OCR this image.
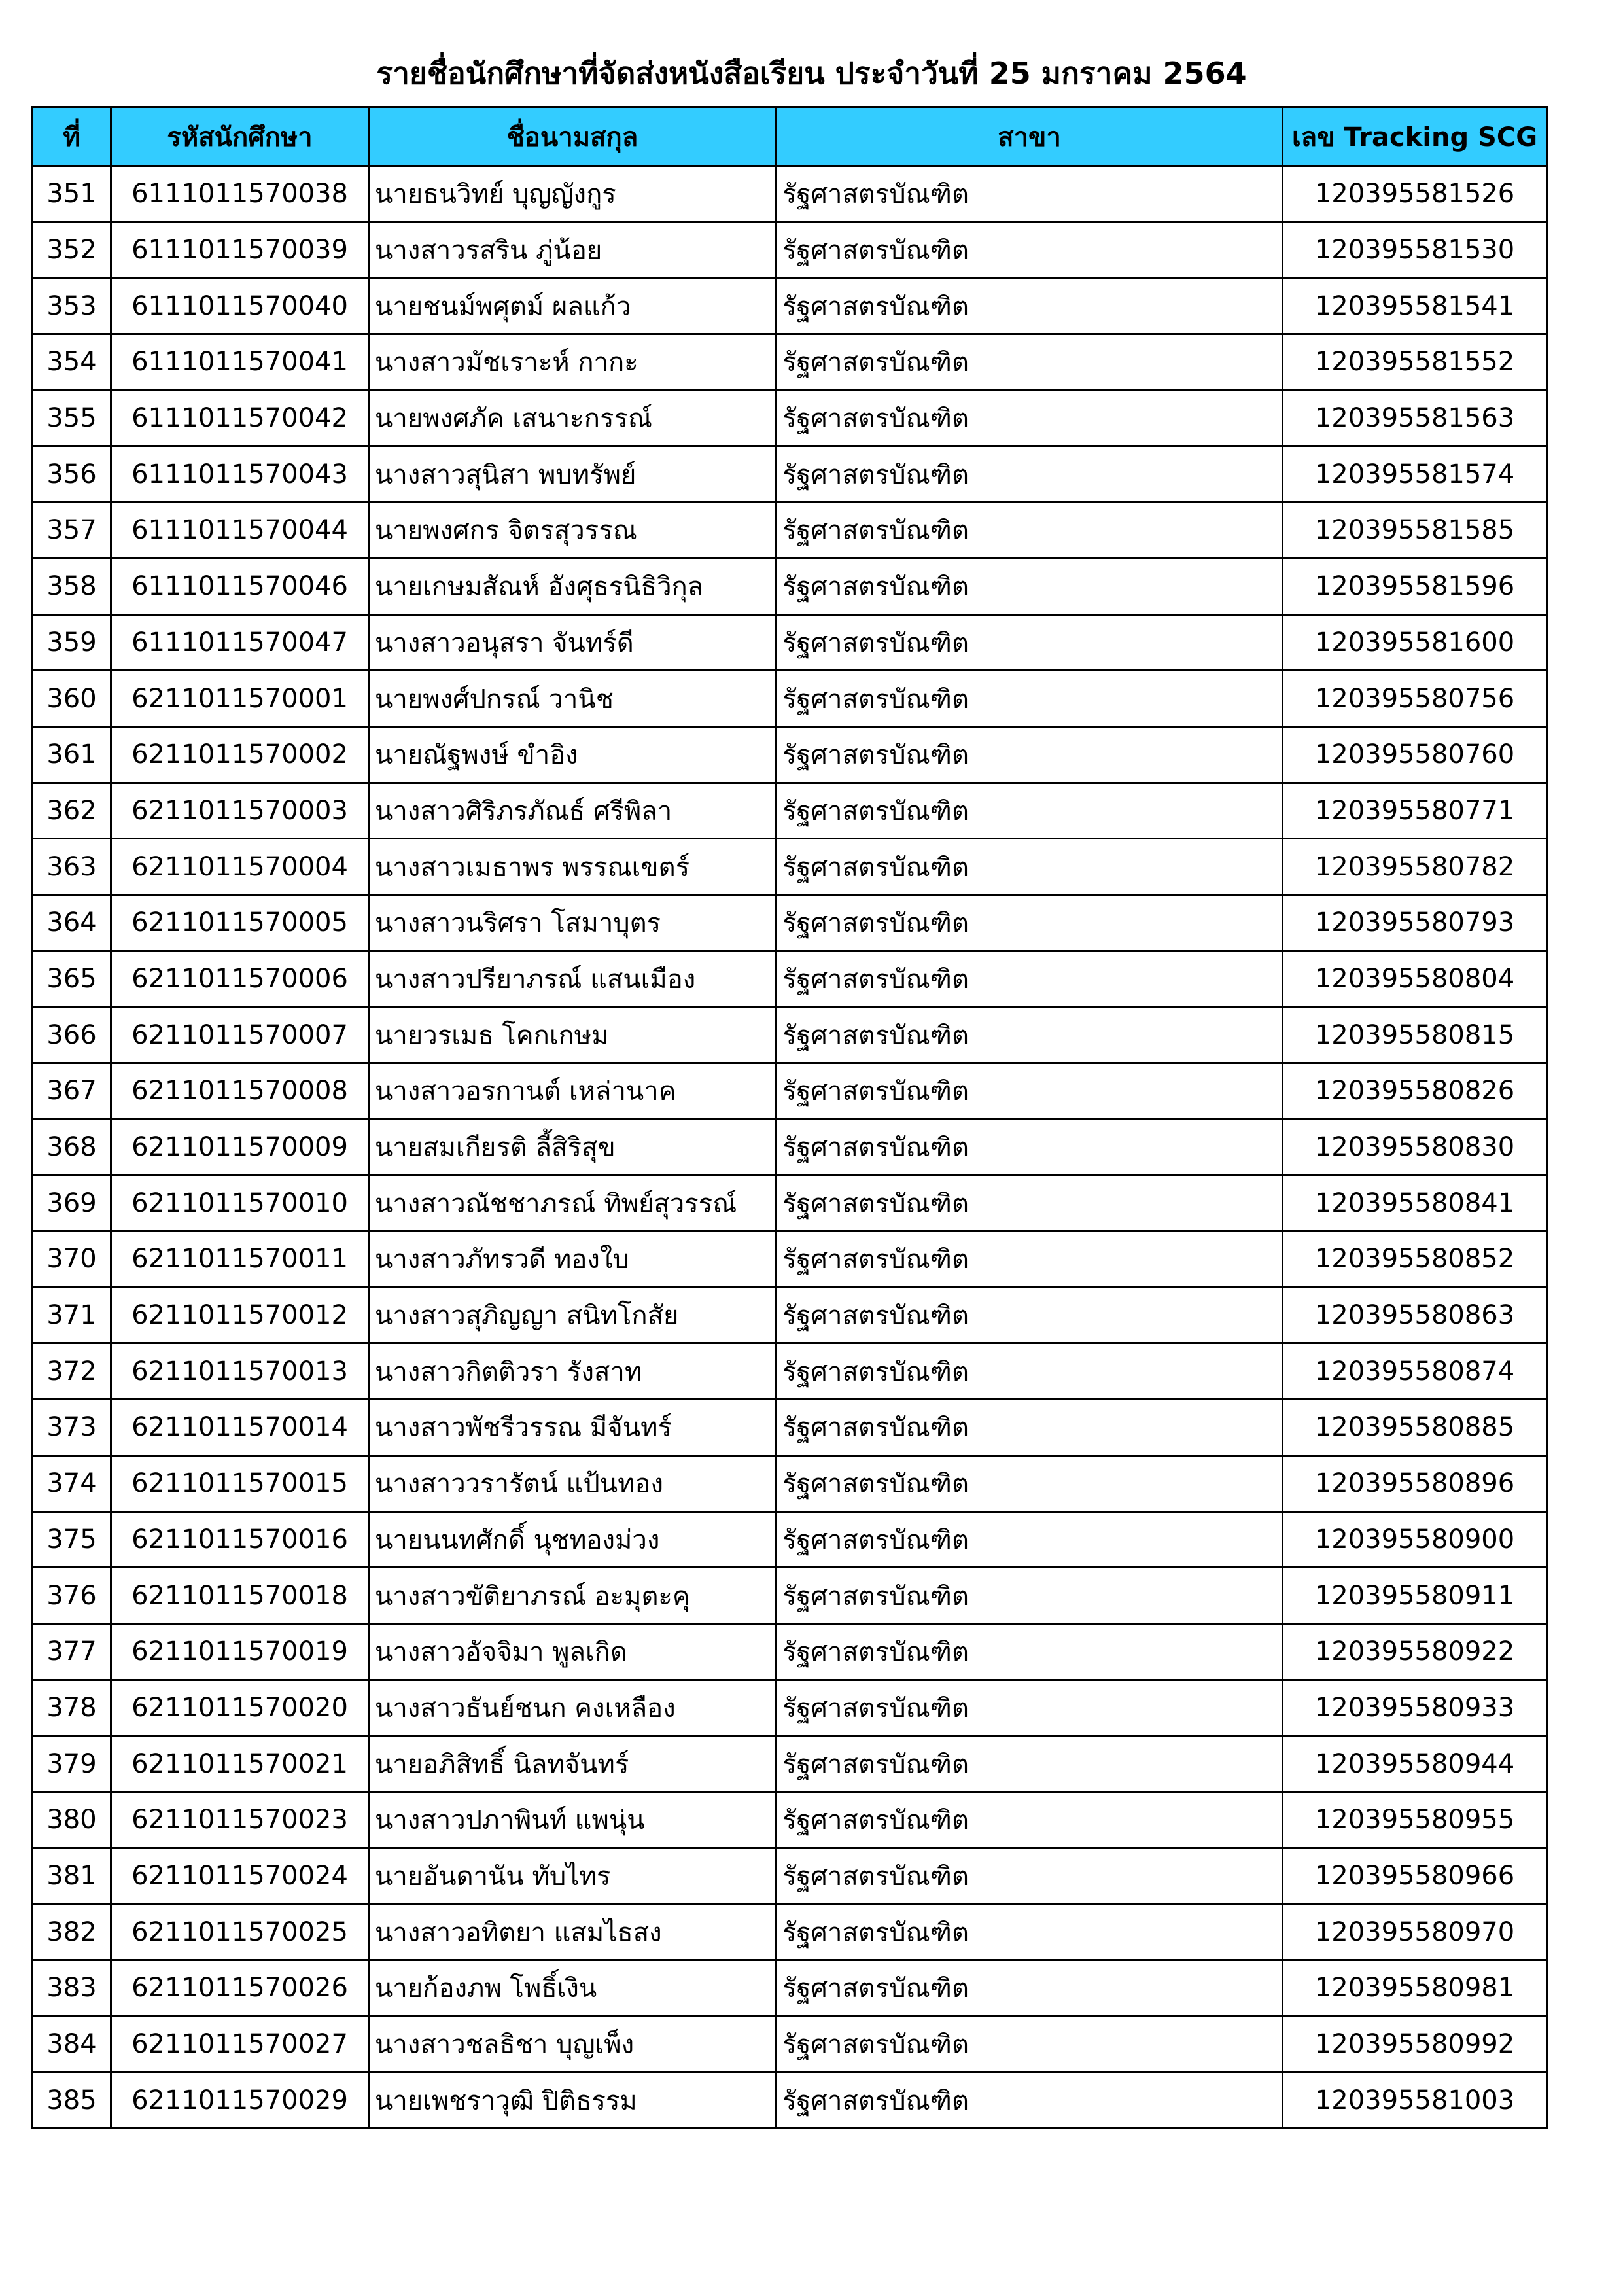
รายชื่อนักศึกษาที่จัดส่งหนังสือเรียน ประจำวันที่ 25 มกราคม 2564
ที่	รหัสนักศึกษา	ชื่อนามสกุล	สาขา	เลข Tracking SCG
351	6111011570038	นายธนวิทย์ บุญญังกูร	รัฐศาสตรบัณฑิต	120395581526
352	6111011570039	นางสาวรสริน ภู่น้อย	รัฐศาสตรบัณฑิต	120395581530
353	6111011570040	นายชนม์พศุตม์ ผลแก้ว	รัฐศาสตรบัณฑิต	120395581541
354	6111011570041	นางสาวมัชเราะห์ กากะ	รัฐศาสตรบัณฑิต	120395581552
355	6111011570042	นายพงศภัค เสนาะกรรณ์	รัฐศาสตรบัณฑิต	120395581563
356	6111011570043	นางสาวสุนิสา พบทรัพย์	รัฐศาสตรบัณฑิต	120395581574
357	6111011570044	นายพงศกร จิตรสุวรรณ	รัฐศาสตรบัณฑิต	120395581585
358	6111011570046	นายเกษมสัณห์ อังศุธรนิธิวิกุล	รัฐศาสตรบัณฑิต	120395581596
359	6111011570047	นางสาวอนุสรา จันทร์ดี	รัฐศาสตรบัณฑิต	120395581600
360	6211011570001	นายพงศ์ปกรณ์ วานิช	รัฐศาสตรบัณฑิต	120395580756
361	6211011570002	นายณัฐพงษ์ ขำอิง	รัฐศาสตรบัณฑิต	120395580760
362	6211011570003	นางสาวศิริภรภัณธ์ ศรีพิลา	รัฐศาสตรบัณฑิต	120395580771
363	6211011570004	นางสาวเมธาพร พรรณเขตร์	รัฐศาสตรบัณฑิต	120395580782
364	6211011570005	นางสาวนริศรา โสมาบุตร	รัฐศาสตรบัณฑิต	120395580793
365	6211011570006	นางสาวปรียาภรณ์ แสนเมือง	รัฐศาสตรบัณฑิต	120395580804
366	6211011570007	นายวรเมธ โคกเกษม	รัฐศาสตรบัณฑิต	120395580815
367	6211011570008	นางสาวอรกานต์ เหล่านาค	รัฐศาสตรบัณฑิต	120395580826
368	6211011570009	นายสมเกียรติ ลี้สิริสุข	รัฐศาสตรบัณฑิต	120395580830
369	6211011570010	นางสาวณัชชาภรณ์ ทิพย์สุวรรณ์	รัฐศาสตรบัณฑิต	120395580841
370	6211011570011	นางสาวภัทรวดี ทองใบ	รัฐศาสตรบัณฑิต	120395580852
371	6211011570012	นางสาวสุภิญญา สนิทโกสัย	รัฐศาสตรบัณฑิต	120395580863
372	6211011570013	นางสาวกิตติวรา รังสาท	รัฐศาสตรบัณฑิต	120395580874
373	6211011570014	นางสาวพัชรีวรรณ มีจันทร์	รัฐศาสตรบัณฑิต	120395580885
374	6211011570015	นางสาววรารัตน์ แป้นทอง	รัฐศาสตรบัณฑิต	120395580896
375	6211011570016	นายนนทศักดิ์ นุชทองม่วง	รัฐศาสตรบัณฑิต	120395580900
376	6211011570018	นางสาวขัติยาภรณ์ อะมุตะคุ	รัฐศาสตรบัณฑิต	120395580911
377	6211011570019	นางสาวอัจจิมา พูลเกิด	รัฐศาสตรบัณฑิต	120395580922
378	6211011570020	นางสาวธันย์ชนก คงเหลือง	รัฐศาสตรบัณฑิต	120395580933
379	6211011570021	นายอภิสิทธิ์ นิลทจันทร์	รัฐศาสตรบัณฑิต	120395580944
380	6211011570023	นางสาวปภาพินท์ แพนุ่น	รัฐศาสตรบัณฑิต	120395580955
381	6211011570024	นายอันดานัน ทับไทร	รัฐศาสตรบัณฑิต	120395580966
382	6211011570025	นางสาวอทิตยา แสมไธสง	รัฐศาสตรบัณฑิต	120395580970
383	6211011570026	นายก้องภพ โพธิ์เงิน	รัฐศาสตรบัณฑิต	120395580981
384	6211011570027	นางสาวชลธิชา บุญเพ็ง	รัฐศาสตรบัณฑิต	120395580992
385	6211011570029	นายเพชราวุฒิ ปิติธรรม	รัฐศาสตรบัณฑิต	120395581003
